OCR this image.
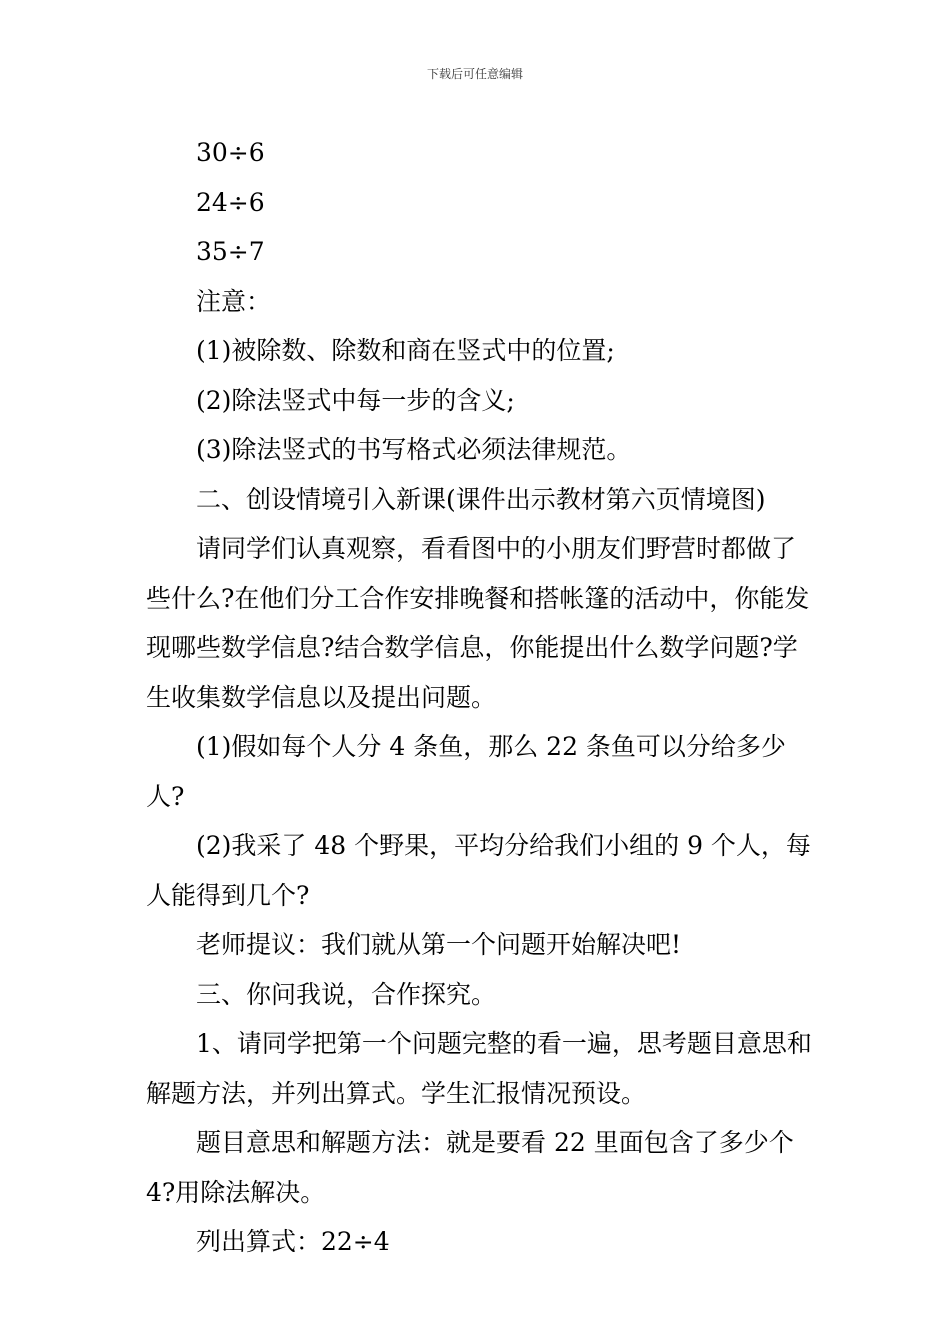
下载后可任意编辑

30÷6

24÷6

35÷7

注意：

(1)被除数、除数和商在竖式中的位置;

(2)除法竖式中每一步的含义;

(3)除法竖式的书写格式必须法律规范。

二、创设情境引入新课(课件出示教材第六页情境图)

请同学们认真观察，看看图中的小朋友们野营时都做了些什么?在他们分工合作安排晚餐和搭帐篷的活动中，你能发现哪些数学信息?结合数学信息，你能提出什么数学问题?学生收集数学信息以及提出问题。

(1)假如每个人分 4 条鱼，那么 22 条鱼可以分给多少人?

(2)我采了 48 个野果，平均分给我们小组的 9 个人，每人能得到几个?

老师提议：我们就从第一个问题开始解决吧!

三、你问我说，合作探究。

1、请同学把第一个问题完整的看一遍，思考题目意思和解题方法，并列出算式。学生汇报情况预设。

题目意思和解题方法：就是要看 22 里面包含了多少个 4?用除法解决。

列出算式：22÷4
